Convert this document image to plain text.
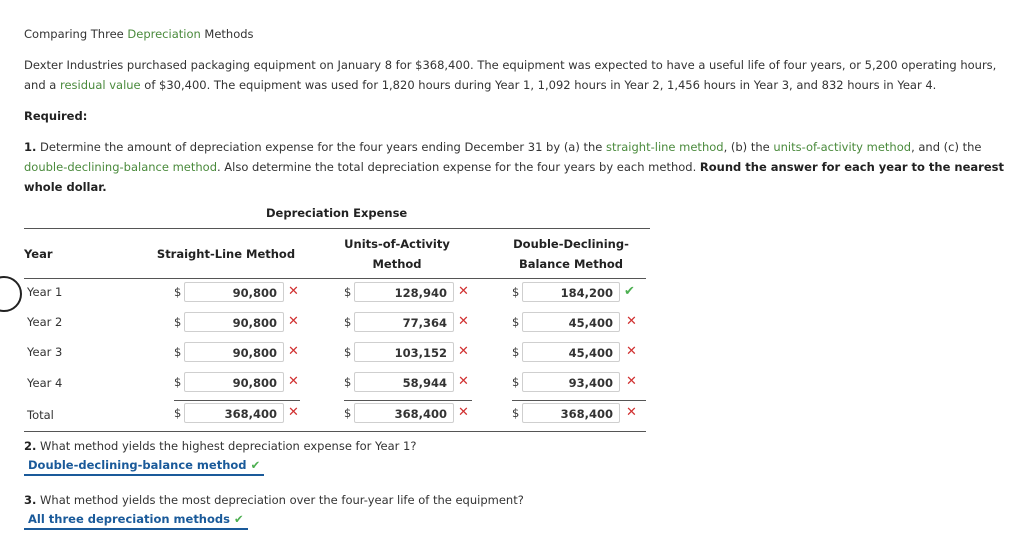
Comparing Three Depreciation Methods
Dexter Industries purchased packaging equipment on January 8 for $368,400. The equipment was expected to have a useful life of four years, or 5,200 operating hours,
and a residual value of $30,400. The equipment was used for 1,820 hours during Year 1, 1,092 hours in Year 2, 1,456 hours in Year 3, and 832 hours in Year 4.
Required:
1. Determine the amount of depreciation expense for the four years ending December 31 by (a) the straight-line method, (b) the units-of-activity method, and (c) the
double-declining-balance method. Also determine the total depreciation expense for the four years by each method. Round the answer for each year to the nearest
whole dollar.
Depreciation Expense
Year	Straight-Line Method
Units-of-Activity
Method
Double-Declining-
Balance Method
Year 1	$	90,800 ✕	$	128,940 ✕	$	184,200 ✔
Year 2	$	90,800 ✕	$	77,364 ✕	$	45,400	✕
Year 3	$	90,800 ✕	$	103,152 ✕	$	45,400	✕
Year 4	$	90,800 ✕	$	58,944 ✕	$	93,400	✕
Total	$	368,400 ✕	$	368,400 ✕	$	368,400	✕
2. What method yields the highest depreciation expense for Year 1?
Double-declining-balance method ✔
3. What method yields the most depreciation over the four-year life of the equipment?
All three depreciation methods ✔
